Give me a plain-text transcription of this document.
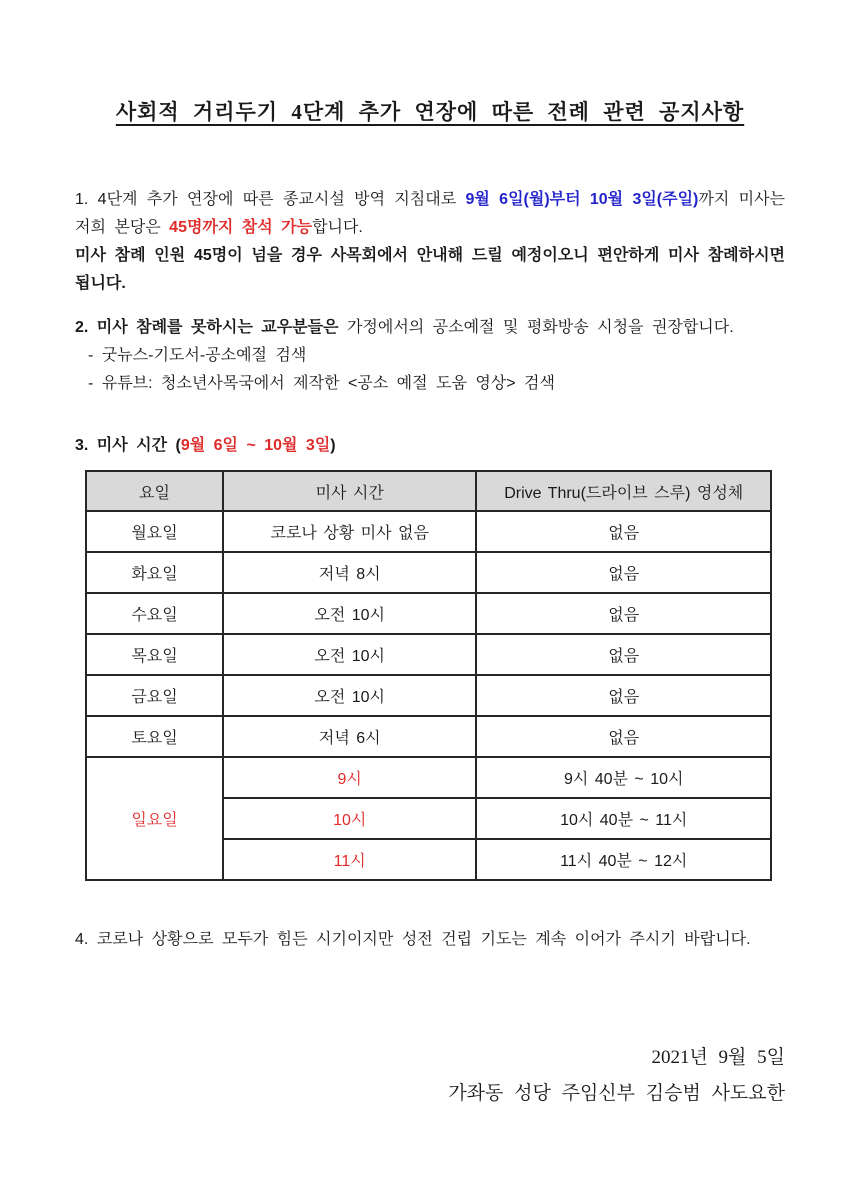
사회적 거리두기 4단계 추가 연장에 따른 전례 관련 공지사항

1. 4단계 추가 연장에 따른 종교시설 방역 지침대로 9월 6일(월)부터 10월 3일(주일)까지 미사는 저희 본당은 45명까지 참석 가능합니다.
미사 참례 인원 45명이 넘을 경우 사목회에서 안내해 드릴 예정이오니 편안하게 미사 참례하시면 됩니다.

2. 미사 참례를 못하시는 교우분들은 가정에서의 공소예절 및 평화방송 시청을 권장합니다.
- 굿뉴스-기도서-공소예절 검색
- 유튜브: 청소년사목국에서 제작한 <공소 예절 도움 영상> 검색

3. 미사 시간 (9월 6일 ~ 10월 3일)

요일	미사 시간	Drive Thru(드라이브 스루) 영성체
월요일	코로나 상황 미사 없음	없음
화요일	저녁 8시	없음
수요일	오전 10시	없음
목요일	오전 10시	없음
금요일	오전 10시	없음
토요일	저녁 6시	없음
일요일	9시	9시 40분 ~ 10시
	10시	10시 40분 ~ 11시
	11시	11시 40분 ~ 12시

4. 코로나 상황으로 모두가 힘든 시기이지만 성전 건립 기도는 계속 이어가 주시기 바랍니다.

2021년 9월 5일
가좌동 성당 주임신부 김승범 사도요한
